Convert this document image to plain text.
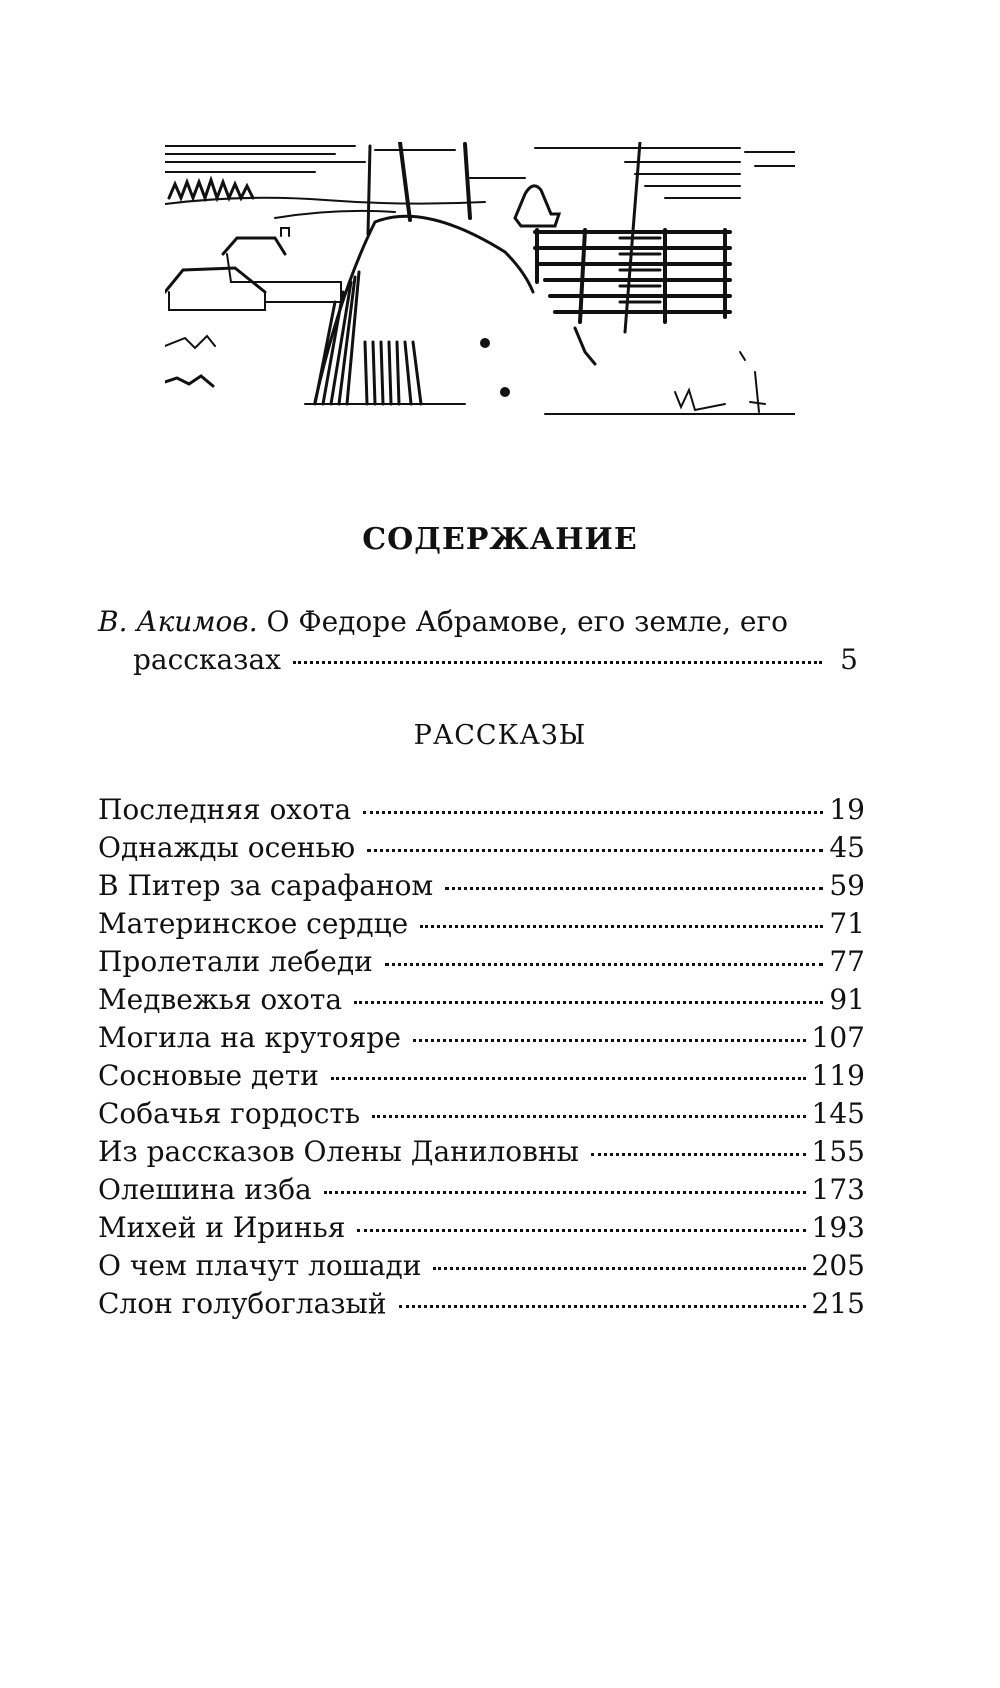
СОДЕРЖАНИЕ
В. Акимов. О Федоре Абрамове, его земле, его
рассказах	5
РАССКАЗЫ
Последняя охота	19
Однажды осенью	45
В Питер за сарафаном	59
Материнское сердце	71
Пролетали лебеди	77
Медвежья охота	91
Могила на крутояре	107
Сосновые дети	119
Собачья гордость	145
Из рассказов Олены Даниловны	155
Олешина изба	173
Михей и Иринья	193
О чем плачут лошади	205
Слон голубоглазый	215
